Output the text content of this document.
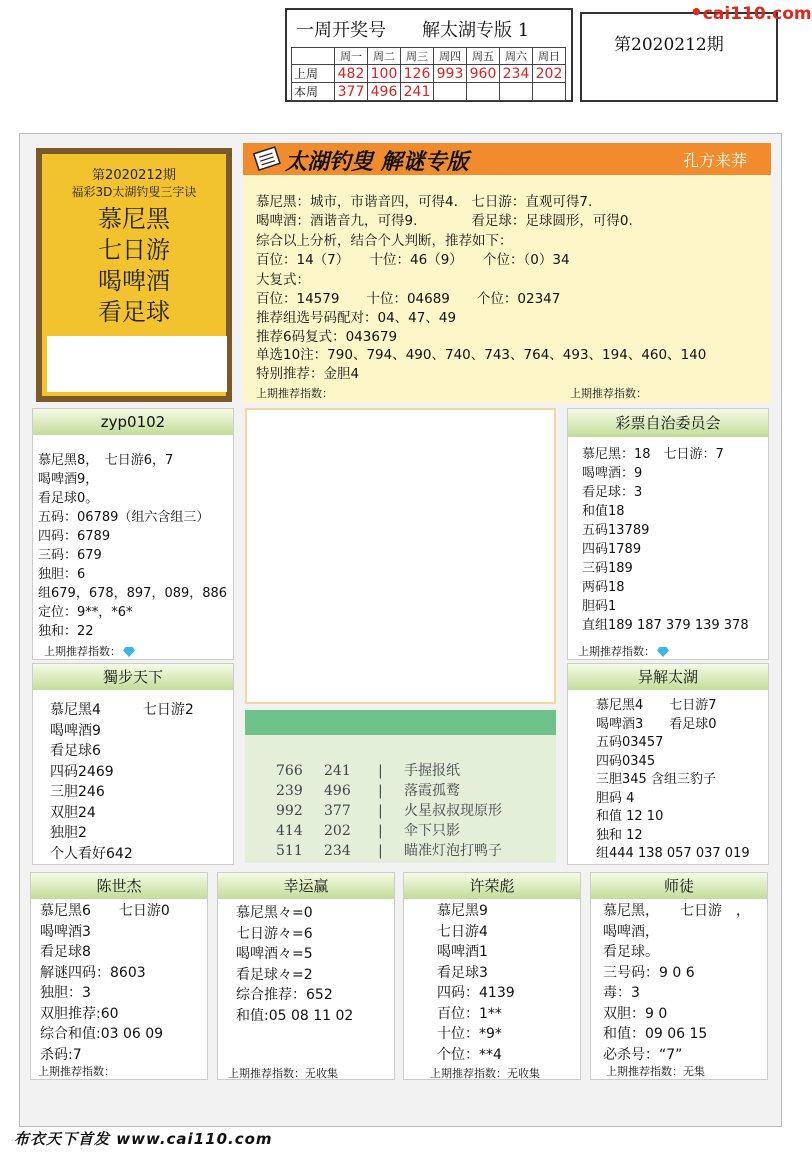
一周开奖号　　解太湖专版 1
	周一	周二	周三	周四	周五	周六	周日
上周	482	100	126	993	960	234	202
本周	377	496	241				
第2020212期
•cai110.com
第2020212期
福彩3D太湖钓叟三字诀
慕尼黑
七日游
喝啤酒
看足球
太湖钓叟 解谜专版	孔方来莽
慕尼黑：城市，市谐音四，可得4.　七日游：直观可得7.
喝啤酒：酒谐音九，可得9.　　　　看足球：足球圆形，可得0.
综合以上分析，结合个人判断，推荐如下：
百位：14（7）　　十位：46（9）　　个位：（0）34
大复式：
百位：14579　　十位：04689　　个位：02347
推荐组选号码配对：04、47、49
推荐6码复式：043679
单选10注：790、794、490、740、743、764、493、194、460、140
特别推荐：金胆4
上期推荐指数：	上期推荐指数：
zyp0102
慕尼黑8，　七日游6，7
喝啤酒9，
看足球0。
五码：06789（组六含组三）
四码：6789
三码：679
独胆：6
组679，678，897，089，886
定位：9**，*6*
独和：22
上期推荐指数：
彩票自治委员会
慕尼黑：18　七日游：7
喝啤酒：9
看足球：3
和值18
五码13789
四码1789
三码189
两码18
胆码1
直组189 187 379 139 378
上期推荐指数：
766 241 | 手握报纸
239 496 | 落霞孤鹜
992 377 | 火星叔叔现原形
414 202 | 伞下只影
511 234 | 瞄准灯泡打鸭子
獨步天下
慕尼黑4　　　七日游2
喝啤酒9
看足球6
四码2469
三胆246
双胆24
独胆2
个人看好642
异解太湖
慕尼黑4　　七日游7
喝啤酒3　　看足球0
五码03457
四码0345
三胆345 含组三豹子
胆码 4
和值 12 10
独和 12
组444 138 057 037 019
陈世杰
慕尼黑6　　七日游0
喝啤酒3
看足球8
解谜四码：8603
独胆：3
双胆推荐:60
综合和值:03 06 09
杀码:7
上期推荐指数：
幸运赢
慕尼黑々=0
七日游々=6
喝啤酒々=5
看足球々=2
综合推荐：652
和值:05 08 11 02
上期推荐指数：无收集
许荣彪
慕尼黑9
七日游4
喝啤酒1
看足球3
四码：4139
百位：1**
十位：*9*
个位：**4
上期推荐指数：无收集
师徒
慕尼黑，　　七日游　，
喝啤酒，
看足球。
三号码：9 0 6
毒：3
双胆：9 0
和值：09 06 15
必杀号：“7”
上期推荐指数：无集
布衣天下首发 www.cai110.com
